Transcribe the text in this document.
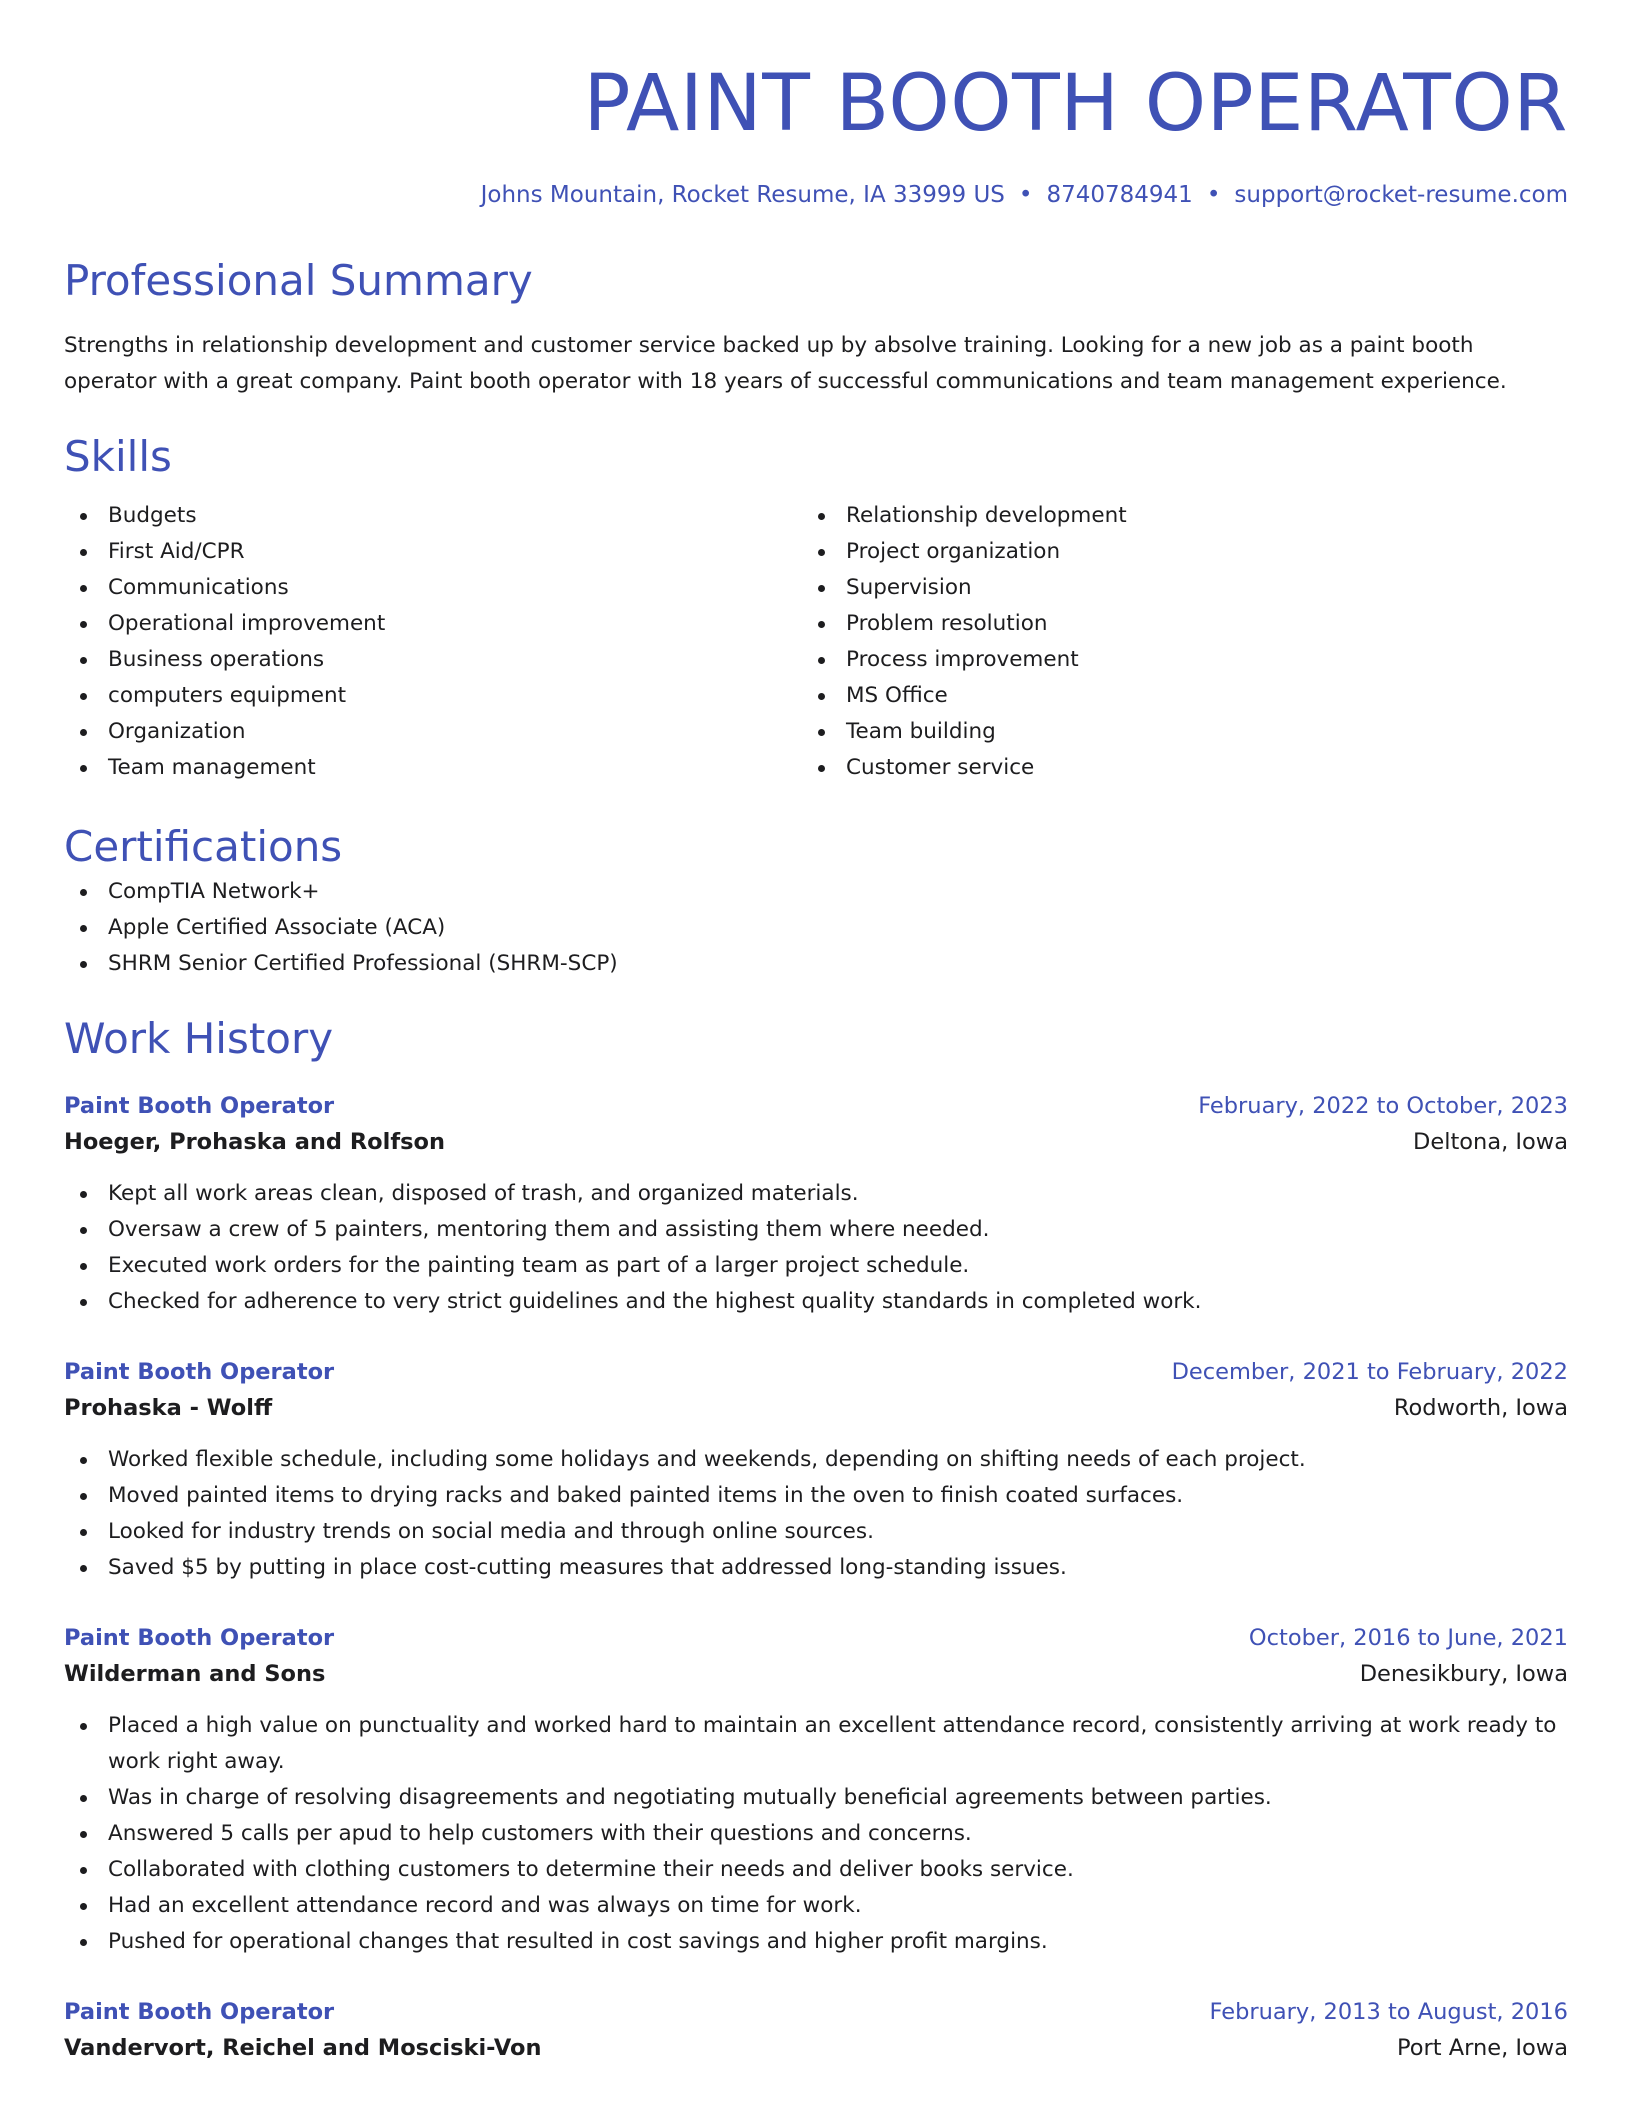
PAINT BOOTH OPERATOR
Johns Mountain, Rocket Resume, IA 33999 US • 8740784941 • support@rocket-resume.com
Professional Summary

Strengths in relationship development and customer service backed up by absolve training. Looking for a new job as a paint booth operator with a great company. Paint booth operator with 18 years of successful communications and team management experience.

Skills
Budgets
First Aid/CPR
Communications
Operational improvement
Business operations
computers equipment
Organization
Team management
Relationship development
Project organization
Supervision
Problem resolution
Process improvement
MS Office
Team building
Customer service
Certifications
CompTIA Network+
Apple Certified Associate (ACA)
SHRM Senior Certified Professional (SHRM-SCP)
Work History
Paint Booth Operator	February, 2022 to October, 2023
Hoeger, Prohaska and Rolfson	Deltona, Iowa
Kept all work areas clean, disposed of trash, and organized materials.
Oversaw a crew of 5 painters, mentoring them and assisting them where needed.
Executed work orders for the painting team as part of a larger project schedule.
Checked for adherence to very strict guidelines and the highest quality standards in completed work.
Paint Booth Operator	December, 2021 to February, 2022
Prohaska - Wolff	Rodworth, Iowa
Worked flexible schedule, including some holidays and weekends, depending on shifting needs of each project.
Moved painted items to drying racks and baked painted items in the oven to finish coated surfaces.
Looked for industry trends on social media and through online sources.
Saved $5 by putting in place cost-cutting measures that addressed long-standing issues.
Paint Booth Operator	October, 2016 to June, 2021
Wilderman and Sons	Denesikbury, Iowa
Placed a high value on punctuality and worked hard to maintain an excellent attendance record, consistently arriving at work ready to work right away.
Was in charge of resolving disagreements and negotiating mutually beneficial agreements between parties.
Answered 5 calls per apud to help customers with their questions and concerns.
Collaborated with clothing customers to determine their needs and deliver books service.
Had an excellent attendance record and was always on time for work.
Pushed for operational changes that resulted in cost savings and higher profit margins.
Paint Booth Operator	February, 2013 to August, 2016
Vandervort, Reichel and Mosciski-Von	Port Arne, Iowa
